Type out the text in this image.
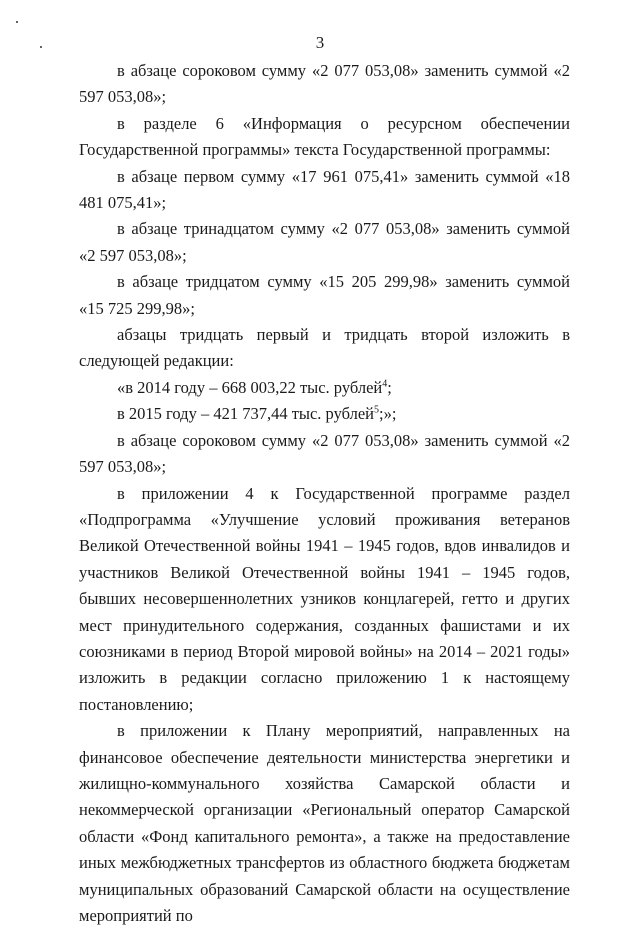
3

в абзаце сороковом сумму «2 077 053,08» заменить суммой «2 597 053,08»;

в разделе 6 «Информация о ресурсном обеспечении Государственной программы» текста Государственной программы:

в абзаце первом сумму «17 961 075,41» заменить суммой «18 481 075,41»;

в абзаце тринадцатом сумму «2 077 053,08» заменить суммой «2 597 053,08»;

в абзаце тридцатом сумму «15 205 299,98» заменить суммой «15 725 299,98»;

абзацы тридцать первый и тридцать второй изложить в следующей редакции:

«в 2014 году – 668 003,22 тыс. рублей$^4$;

в 2015 году – 421 737,44 тыс. рублей$^5$;»;

в абзаце сороковом сумму «2 077 053,08» заменить суммой «2 597 053,08»;

в приложении 4 к Государственной программе раздел «Подпрограмма «Улучшение условий проживания ветеранов Великой Отечественной войны 1941 – 1945 годов, вдов инвалидов и участников Великой Отечественной войны 1941 – 1945 годов, бывших несовершеннолетних узников концлагерей, гетто и других мест принудительного содержания, созданных фашистами и их союзниками в период Второй мировой войны» на 2014 – 2021 годы» изложить в редакции согласно приложению 1 к настоящему постановлению;

в приложении к Плану мероприятий, направленных на финансовое обеспечение деятельности министерства энергетики и жилищно-коммунального хозяйства Самарской области и некоммерческой организации «Региональный оператор Самарской области «Фонд капитального ремонта», а также на предоставление иных межбюджетных трансфертов из областного бюджета бюджетам муниципальных образований Самарской области на осуществление мероприятий по
